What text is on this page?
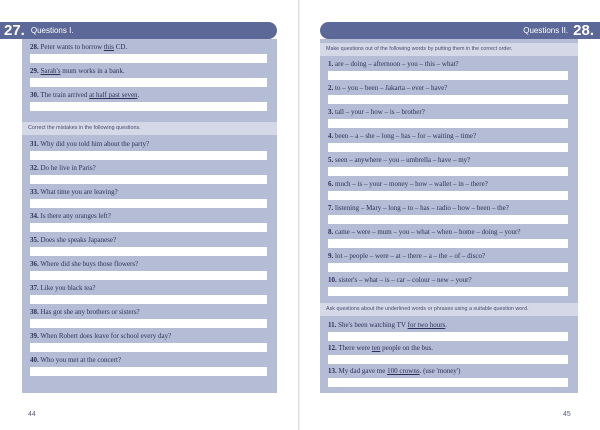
27. Questions I.
28. Peter wants to borrow this CD.
29. Sarah's mum works in a bank.
30. The train arrived at half past seven.
Correct the mistakes in the following questions.
31. Why did you told him about the party?
32. Do he live in Paris?
33. What time you are leaving?
34. Is there any oranges left?
35. Does she speaks Japanese?
36. Where did she buys those flowers?
37. Like you black tea?
38. Has got she any brothers or sisters?
39. When Robert does leave for school every day?
40. Who you met at the concert?
44
Questions II. 28.
Make questions out of the following words by putting them in the correct order.
1. are – doing – afternoon – you – this – what?
2. to – you – been – Jakarta – ever – have?
3. tall – your – how – is – brother?
4. been – a – she – long – has – for – waiting – time?
5. seen – anywhere – you – umbrella – have – my?
6. much – is – your – money – how – wallet – in – there?
7. listening – Mary – long – to – has – radio – how – been – the?
8. came – were – mum – you – what – when – home – doing – your?
9. lot – people – were – at – there – a – the – of – disco?
10. sister's – what – is – car – colour – new – your?
Ask questions about the underlined words or phrases using a suitable question word.
11. She's been watching TV for two hours.
12. There were ten people on the bus.
13. My dad gave me 100 crowns. (use 'money')
45
